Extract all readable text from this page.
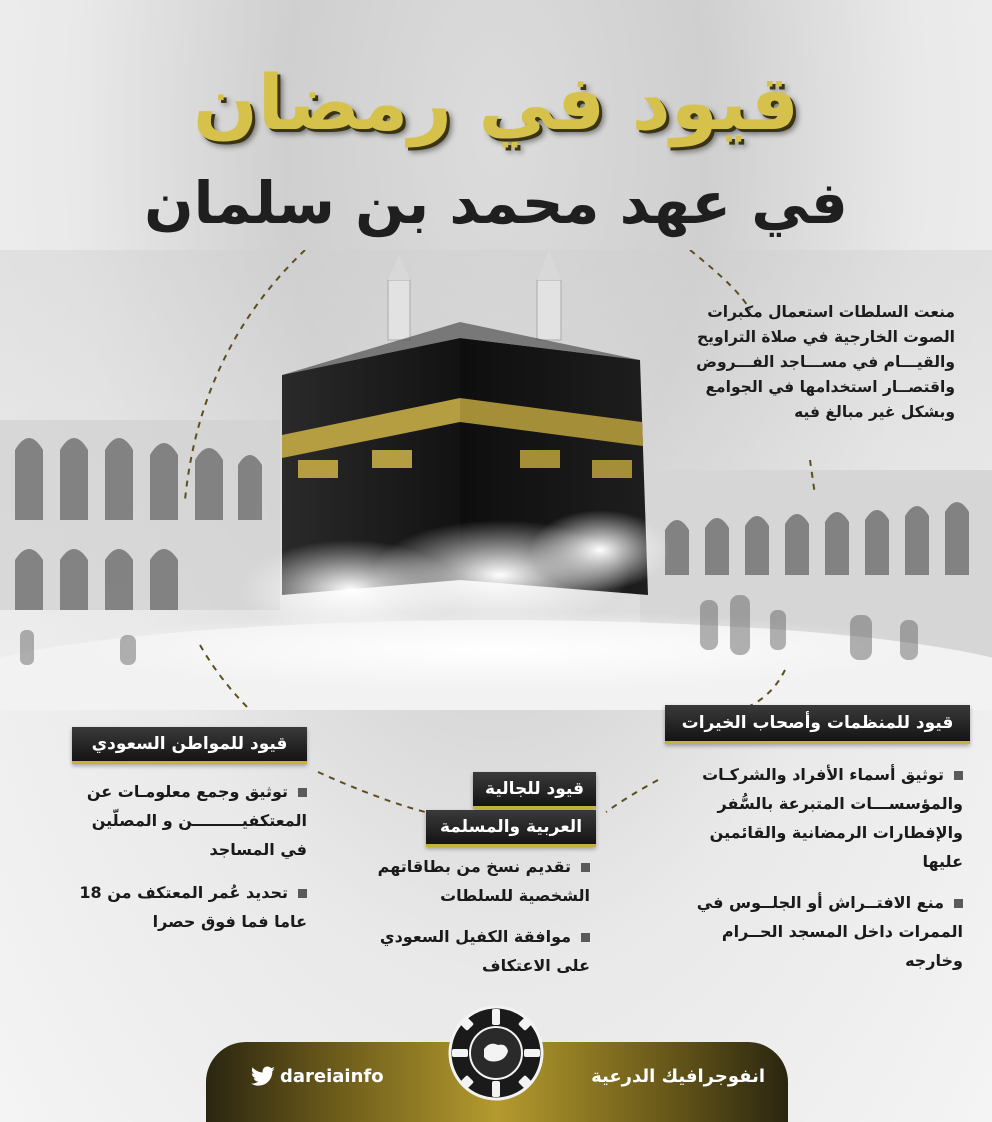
قيود في رمضان
في عهد محمد بن سلمان
منعت السلطات استعمال مكبرات
الصوت الخارجية في صلاة التراويح
والقيـــام في مســـاجد الفـــروض
واقتصــار استخدامها في الجوامع
وبشكل غير مبالغ فيه
قيود للمنظمات وأصحاب الخيرات
توثيق أسماء الأفراد والشركـات والمؤسســـات المتبرعة بالسُّفر والإفطارات الرمضانية والقائمين عليها
منع الافتــراش أو الجلــوس في الممرات داخل المسجد الحــرام وخارجه
قيود للمواطن السعودي
توثيق وجمع معلومـات عن المعتكفيـــــــــن و المصلّين في المساجد
تحديد عُمر المعتكف من 18 عاما فما فوق حصرا
قيود للجالية
العربية والمسلمة
تقديم نسخ من بطاقاتهم الشخصية للسلطات
موافقة الكفيل السعودي على الاعتكاف
dareiainfo	انفوجرافيك الدرعية
